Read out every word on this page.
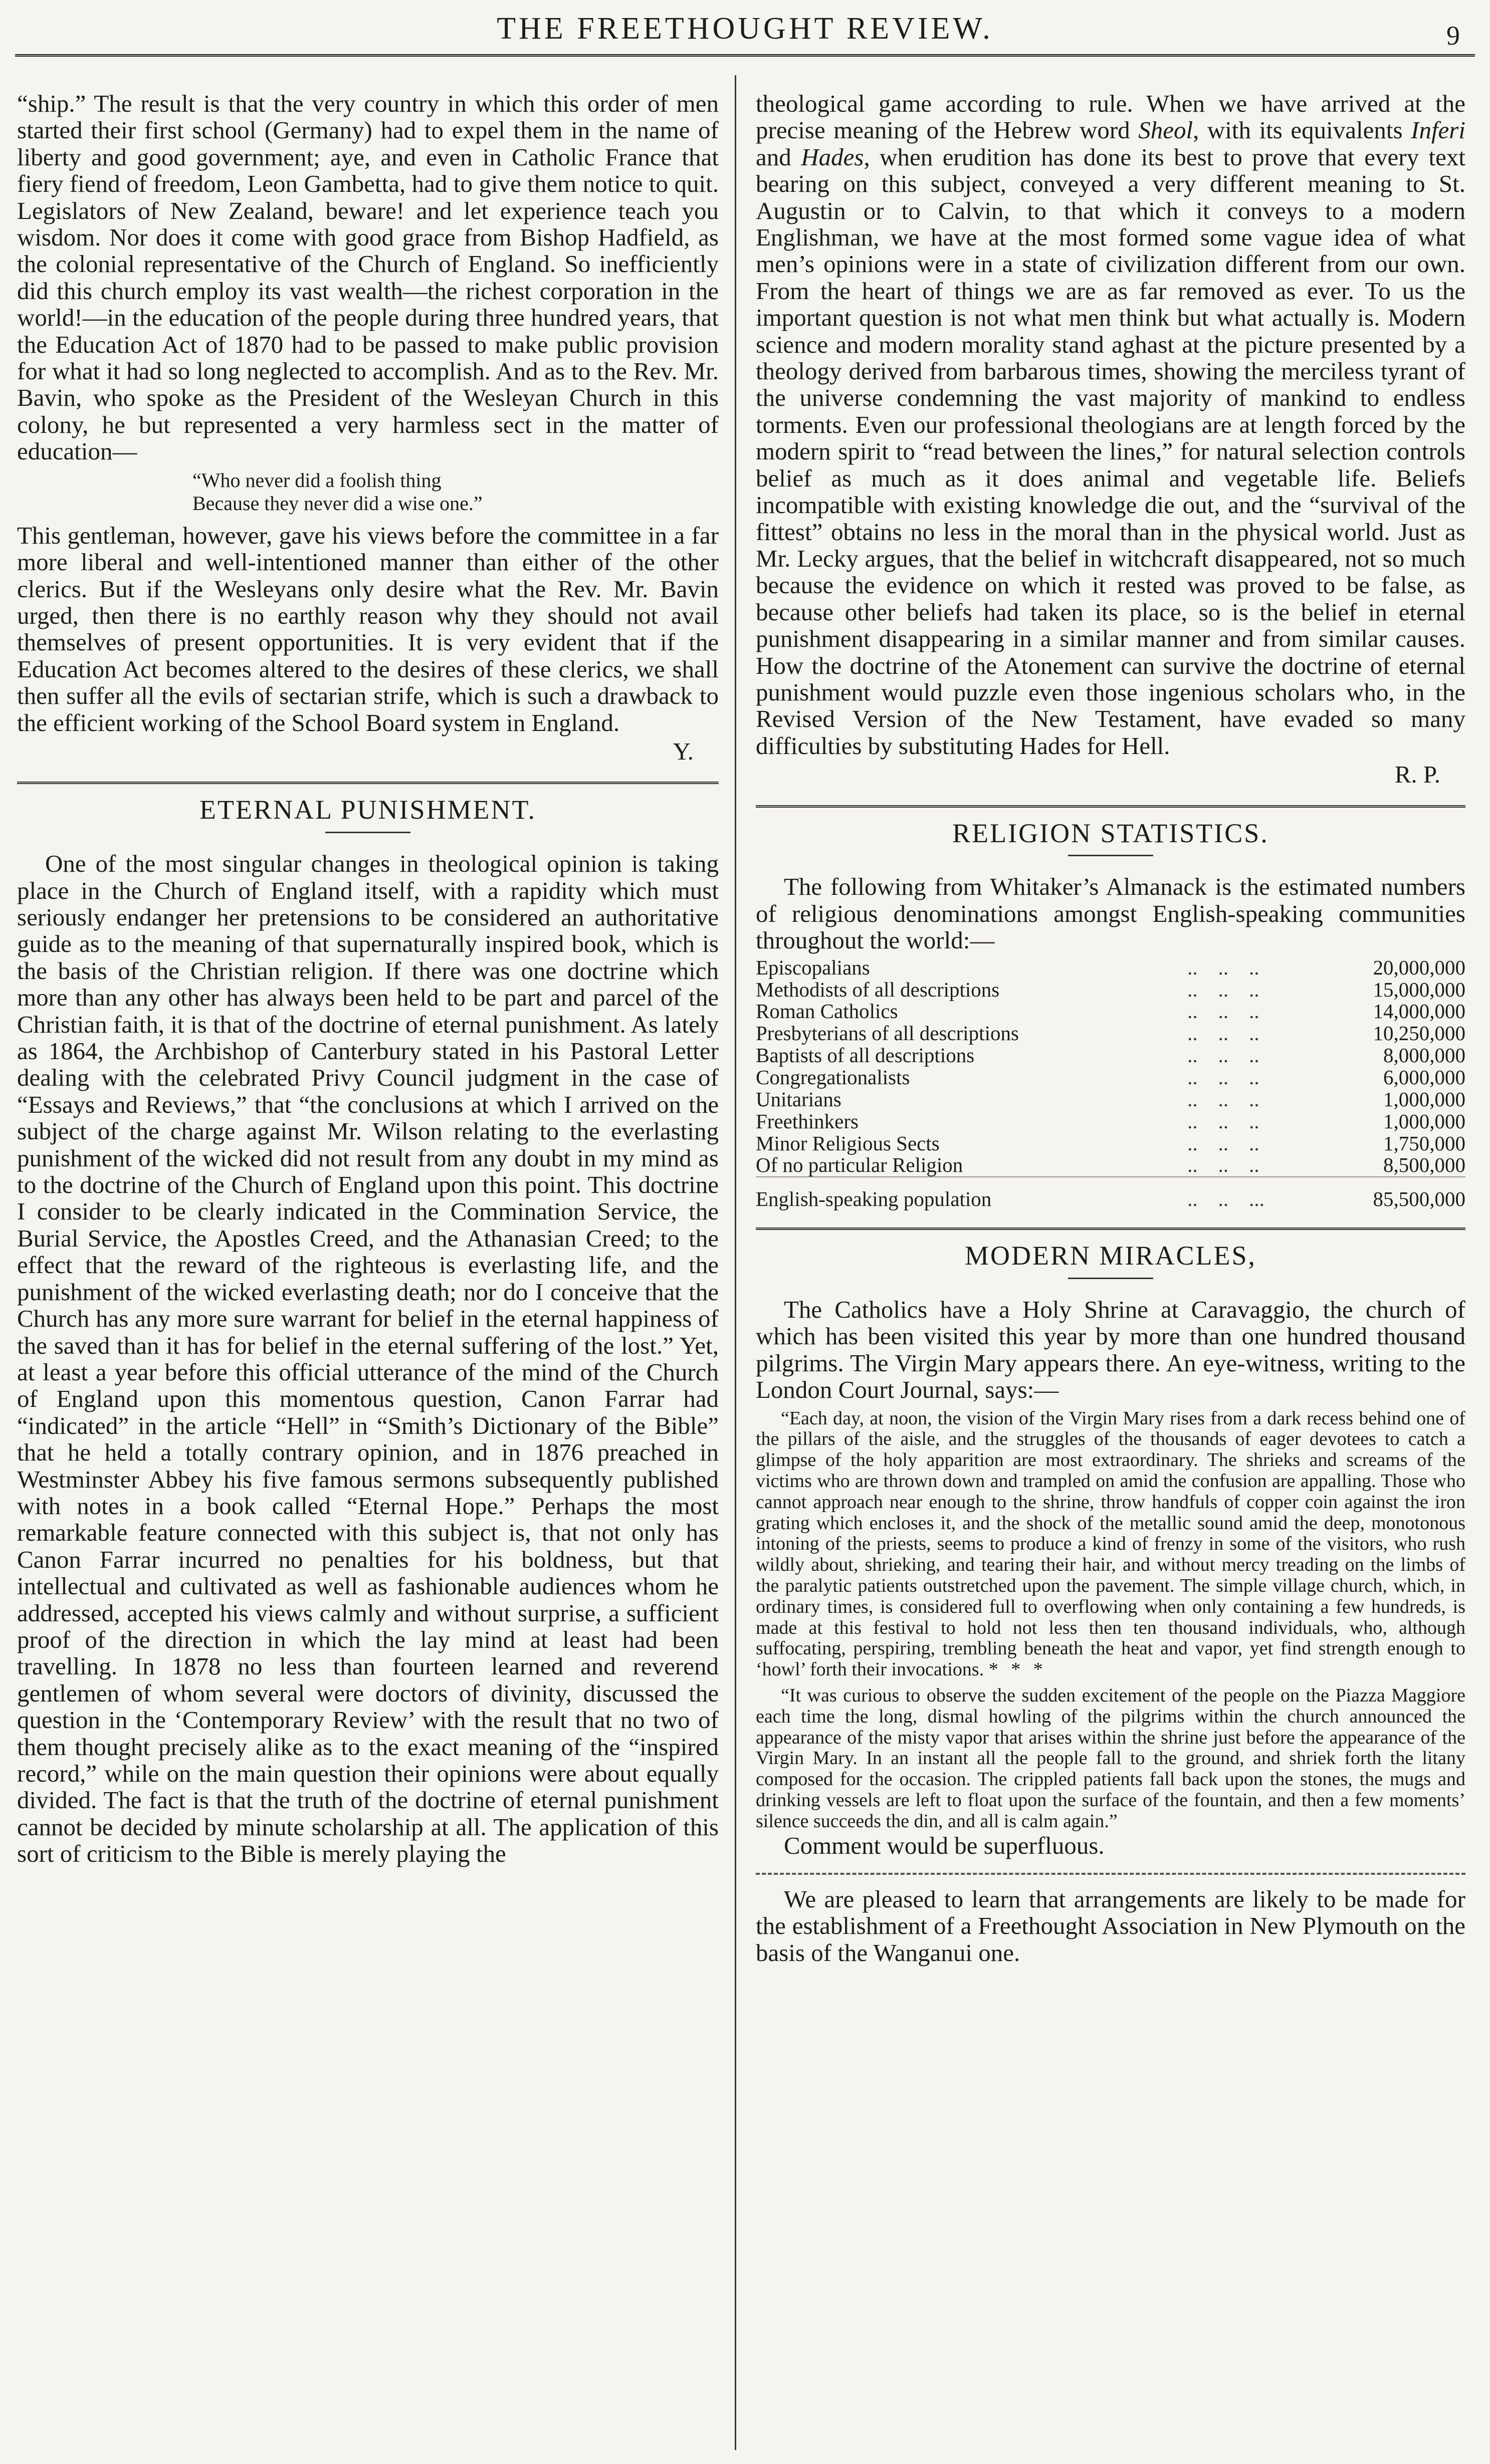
THE FREETHOUGHT REVIEW.	9

“ship.” The result is that the very country in which this order of men started their first school (Germany) had to expel them in the name of liberty and good government; aye, and even in Catholic France that fiery fiend of freedom, Leon Gambetta, had to give them notice to quit. Legislators of New Zealand, beware! and let experience teach you wisdom. Nor does it come with good grace from Bishop Hadfield, as the colonial representative of the Church of England. So inefficiently did this church employ its vast wealth—the richest corporation in the world!—in the education of the people during three hundred years, that the Education Act of 1870 had to be passed to make public provision for what it had so long neglected to accomplish. And as to the Rev. Mr. Bavin, who spoke as the President of the Wesleyan Church in this colony, he but represented a very harmless sect in the matter of education—

“Who never did a foolish thing
Because they never did a wise one.”

This gentleman, however, gave his views before the committee in a far more liberal and well-intentioned manner than either of the other clerics. But if the Wesleyans only desire what the Rev. Mr. Bavin urged, then there is no earthly reason why they should not avail themselves of present opportunities. It is very evident that if the Education Act becomes altered to the desires of these clerics, we shall then suffer all the evils of sectarian strife, which is such a drawback to the efficient working of the School Board system in England.

Y.
ETERNAL PUNISHMENT.

One of the most singular changes in theological opinion is taking place in the Church of England itself, with a rapidity which must seriously endanger her pretensions to be considered an authoritative guide as to the meaning of that supernaturally inspired book, which is the basis of the Christian religion. If there was one doctrine which more than any other has always been held to be part and parcel of the Christian faith, it is that of the doctrine of eternal punishment. As lately as 1864, the Archbishop of Canterbury stated in his Pastoral Letter dealing with the celebrated Privy Council judgment in the case of “Essays and Reviews,” that “the conclusions at which I arrived on the subject of the charge against Mr. Wilson relating to the everlasting punishment of the wicked did not result from any doubt in my mind as to the doctrine of the Church of England upon this point. This doctrine I consider to be clearly indicated in the Commination Service, the Burial Service, the Apostles Creed, and the Athanasian Creed; to the effect that the reward of the righteous is everlasting life, and the punishment of the wicked everlasting death; nor do I conceive that the Church has any more sure warrant for belief in the eternal happiness of the saved than it has for belief in the eternal suffering of the lost.” Yet, at least a year before this official utterance of the mind of the Church of England upon this momentous question, Canon Farrar had “indicated” in the article “Hell” in “Smith’s Dictionary of the Bible” that he held a totally contrary opinion, and in 1876 preached in Westminster Abbey his five famous sermons subsequently published with notes in a book called “Eternal Hope.” Perhaps the most remarkable feature connected with this subject is, that not only has Canon Farrar incurred no penalties for his boldness, but that intellectual and cultivated as well as fashionable audiences whom he addressed, accepted his views calmly and without surprise, a sufficient proof of the direction in which the lay mind at least had been travelling. In 1878 no less than fourteen learned and reverend gentlemen of whom several were doctors of divinity, discussed the question in the ‘Contemporary Review’ with the result that no two of them thought precisely alike as to the exact meaning of the “inspired record,” while on the main question their opinions were about equally divided. The fact is that the truth of the doctrine of eternal punishment cannot be decided by minute scholarship at all. The application of this sort of criticism to the Bible is merely playing the

theological game according to rule. When we have arrived at the precise meaning of the Hebrew word Sheol, with its equivalents Inferi and Hades, when erudition has done its best to prove that every text bearing on this subject, conveyed a very different meaning to St. Augustin or to Calvin, to that which it conveys to a modern Englishman, we have at the most formed some vague idea of what men’s opinions were in a state of civilization different from our own. From the heart of things we are as far removed as ever. To us the important question is not what men think but what actually is. Modern science and modern morality stand aghast at the picture presented by a theology derived from barbarous times, showing the merciless tyrant of the universe condemning the vast majority of mankind to endless torments. Even our professional theologians are at length forced by the modern spirit to “read between the lines,” for natural selection controls belief as much as it does animal and vegetable life. Beliefs incompatible with existing knowledge die out, and the “survival of the fittest” obtains no less in the moral than in the physical world. Just as Mr. Lecky argues, that the belief in witchcraft disappeared, not so much because the evidence on which it rested was proved to be false, as because other beliefs had taken its place, so is the belief in eternal punishment disappearing in a similar manner and from similar causes. How the doctrine of the Atonement can survive the doctrine of eternal punishment would puzzle even those ingenious scholars who, in the Revised Version of the New Testament, have evaded so many difficulties by substituting Hades for Hell.

R. P.
RELIGION STATISTICS.

The following from Whitaker’s Almanack is the estimated numbers of religious denominations amongst English-speaking communities throughout the world:—

Episcopalians	..    ..    ..	20,000,000
Methodists of all descriptions	..    ..    ..	15,000,000
Roman Catholics	..    ..    ..	14,000,000
Presbyterians of all descriptions	..    ..    ..	10,250,000
Baptists of all descriptions	..    ..    ..	8,000,000
Congregationalists	..    ..    ..	6,000,000
Unitarians	..    ..    ..	1,000,000
Freethinkers	..    ..    ..	1,000,000
Minor Religious Sects	..    ..    ..	1,750,000
Of no particular Religion	..    ..    ..	8,500,000
English-speaking population	..    ..    ...	85,500,000
MODERN MIRACLES,

The Catholics have a Holy Shrine at Caravaggio, the church of which has been visited this year by more than one hundred thousand pilgrims. The Virgin Mary appears there. An eye-witness, writing to the London Court Journal, says:—

“Each day, at noon, the vision of the Virgin Mary rises from a dark recess behind one of the pillars of the aisle, and the struggles of the thousands of eager devotees to catch a glimpse of the holy apparition are most extraordinary. The shrieks and screams of the victims who are thrown down and trampled on amid the confusion are appalling. Those who cannot approach near enough to the shrine, throw handfuls of copper coin against the iron grating which encloses it, and the shock of the metallic sound amid the deep, monotonous intoning of the priests, seems to produce a kind of frenzy in some of the visitors, who rush wildly about, shrieking, and tearing their hair, and without mercy treading on the limbs of the paralytic patients outstretched upon the pavement. The simple village church, which, in ordinary times, is considered full to overflowing when only containing a few hundreds, is made at this festival to hold not less then ten thousand individuals, who, although suffocating, perspiring, trembling beneath the heat and vapor, yet find strength enough to ‘howl’ forth their invocations. * * *

“It was curious to observe the sudden excitement of the people on the Piazza Maggiore each time the long, dismal howling of the pilgrims within the church announced the appearance of the misty vapor that arises within the shrine just before the appearance of the Virgin Mary. In an instant all the people fall to the ground, and shriek forth the litany composed for the occasion. The crippled patients fall back upon the stones, the mugs and drinking vessels are left to float upon the surface of the fountain, and then a few moments’ silence succeeds the din, and all is calm again.”

Comment would be superfluous.

We are pleased to learn that arrangements are likely to be made for the establishment of a Freethought Association in New Plymouth on the basis of the Wanganui one.
